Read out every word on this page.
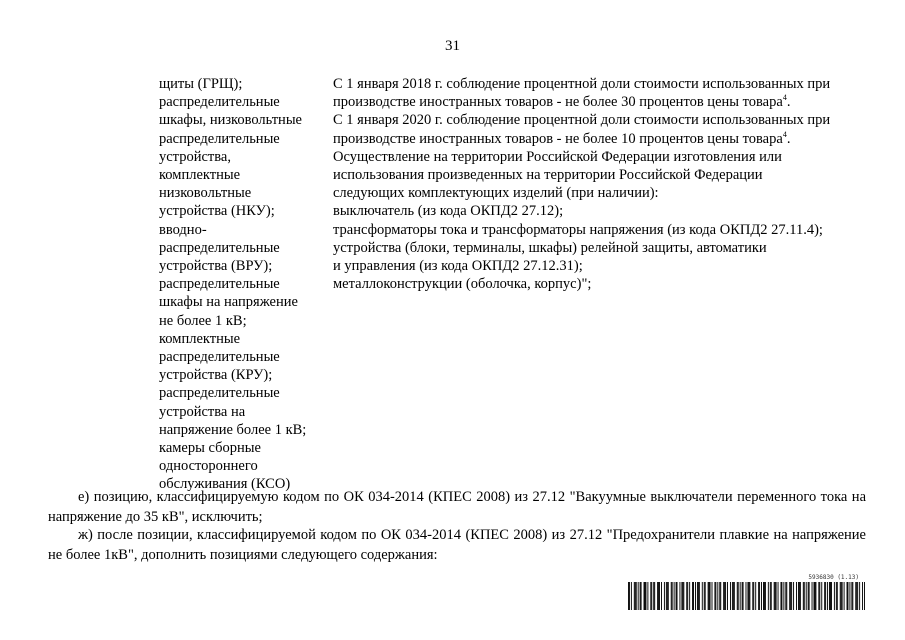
31
щиты (ГРЩ);
распределительные
шкафы, низковольтные
распределительные
устройства,
комплектные
низковольтные
устройства (НКУ);
вводно-
распределительные
устройства (ВРУ);
распределительные
шкафы на напряжение
не более 1 кВ;
комплектные
распределительные
устройства (КРУ);
распределительные
устройства на
напряжение более 1 кВ;
камеры сборные
одностороннего
обслуживания (КСО)
С 1 января 2018 г. соблюдение процентной доли стоимости использованных при
производстве иностранных товаров - не более 30 процентов цены товара$^4$.
С 1 января 2020 г. соблюдение процентной доли стоимости использованных при
производстве иностранных товаров - не более 10 процентов цены товара$^4$.
Осуществление на территории Российской Федерации изготовления или
использования произведенных на территории Российской Федерации
следующих комплектующих изделий (при наличии):
выключатель (из кода ОКПД2 27.12);
трансформаторы тока и трансформаторы напряжения (из кода ОКПД2 27.11.4);
устройства (блоки, терминалы, шкафы) релейной защиты, автоматики
и управления (из кода ОКПД2 27.12.31);
металлоконструкции (оболочка, корпус)";
е) позицию, классифицируемую кодом по ОК 034-2014 (КПЕС 2008) из 27.12 "Вакуумные выключатели переменного тока на напряжение до 35 кВ", исключить;
ж) после позиции, классифицируемой кодом по ОК 034-2014 (КПЕС 2008) из 27.12 "Предохранители плавкие на напряжение не более 1кВ", дополнить позициями следующего содержания:
5936830 (1.13)
